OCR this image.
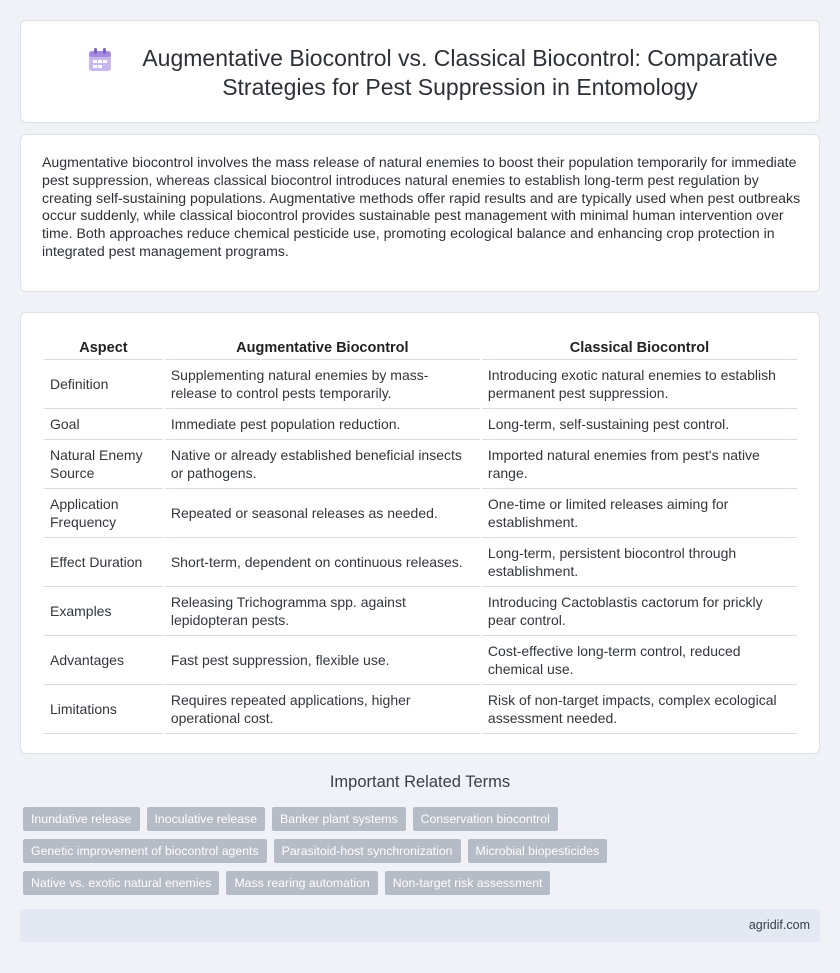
Augmentative Biocontrol vs. Classical Biocontrol: Comparative Strategies for Pest Suppression in Entomology

Augmentative biocontrol involves the mass release of natural enemies to boost their population temporarily for immediate pest suppression, whereas classical biocontrol introduces natural enemies to establish long-term pest regulation by creating self-sustaining populations. Augmentative methods offer rapid results and are typically used when pest outbreaks occur suddenly, while classical biocontrol provides sustainable pest management with minimal human intervention over time. Both approaches reduce chemical pesticide use, promoting ecological balance and enhancing crop protection in integrated pest management programs.

Aspect	Augmentative Biocontrol	Classical Biocontrol
Definition	Supplementing natural enemies by mass-release to control pests temporarily.	Introducing exotic natural enemies to establish permanent pest suppression.
Goal	Immediate pest population reduction.	Long-term, self-sustaining pest control.
Natural Enemy Source	Native or already established beneficial insects or pathogens.	Imported natural enemies from pest's native range.
Application Frequency	Repeated or seasonal releases as needed.	One-time or limited releases aiming for establishment.
Effect Duration	Short-term, dependent on continuous releases.	Long-term, persistent biocontrol through establishment.
Examples	Releasing Trichogramma spp. against lepidopteran pests.	Introducing Cactoblastis cactorum for prickly pear control.
Advantages	Fast pest suppression, flexible use.	Cost-effective long-term control, reduced chemical use.
Limitations	Requires repeated applications, higher operational cost.	Risk of non-target impacts, complex ecological assessment needed.
Important Related Terms
Inundative release	Inoculative release	Banker plant systems	Conservation biocontrol
Genetic improvement of biocontrol agents	Parasitoid-host synchronization	Microbial biopesticides
Native vs. exotic natural enemies	Mass rearing automation	Non-target risk assessment
agridif.com
